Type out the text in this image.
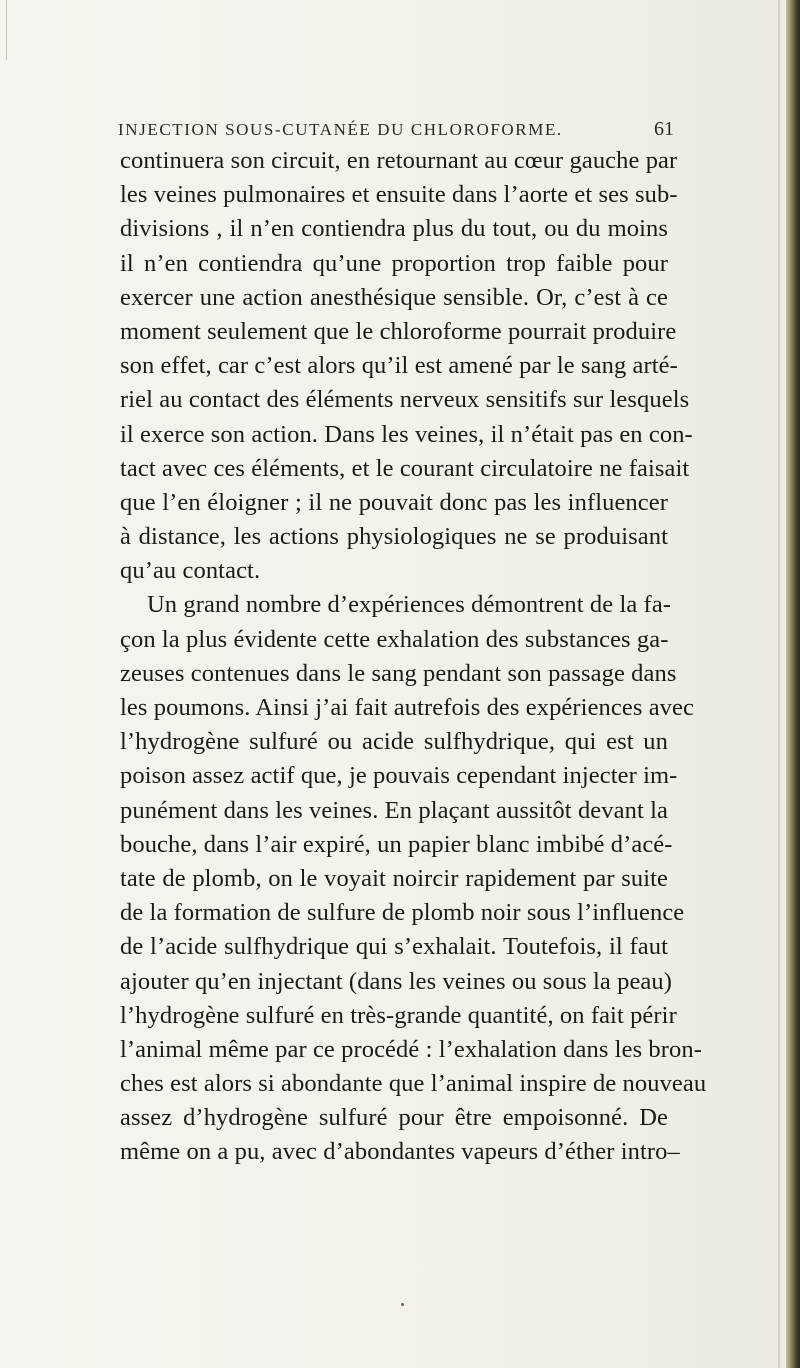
INJECTION SOUS-CUTANÉE DU CHLOROFORME.	61
continuera son circuit, en retournant au cœur gauche par
les veines pulmonaires et ensuite dans l’aorte et ses sub-
divisions , il n’en contiendra plus du tout, ou du moins
il n’en contiendra qu’une proportion trop faible pour
exercer une action anesthésique sensible. Or, c’est à ce
moment seulement que le chloroforme pourrait produire
son effet, car c’est alors qu’il est amené par le sang arté-
riel au contact des éléments nerveux sensitifs sur lesquels
il exerce son action. Dans les veines, il n’était pas en con-
tact avec ces éléments, et le courant circulatoire ne faisait
que l’en éloigner ; il ne pouvait donc pas les influencer
à distance, les actions physiologiques ne se produisant
qu’au contact.
Un grand nombre d’expériences démontrent de la fa-
çon la plus évidente cette exhalation des substances ga-
zeuses contenues dans le sang pendant son passage dans
les poumons. Ainsi j’ai fait autrefois des expériences avec
l’hydrogène sulfuré ou acide sulfhydrique, qui est un
poison assez actif que, je pouvais cependant injecter im-
punément dans les veines. En plaçant aussitôt devant la
bouche, dans l’air expiré, un papier blanc imbibé d’acé-
tate de plomb, on le voyait noircir rapidement par suite
de la formation de sulfure de plomb noir sous l’influence
de l’acide sulfhydrique qui s’exhalait. Toutefois, il faut
ajouter qu’en injectant (dans les veines ou sous la peau)
l’hydrogène sulfuré en très-grande quantité, on fait périr
l’animal même par ce procédé : l’exhalation dans les bron-
ches est alors si abondante que l’animal inspire de nouveau
assez d’hydrogène sulfuré pour être empoisonné. De
même on a pu, avec d’abondantes vapeurs d’éther intro–
